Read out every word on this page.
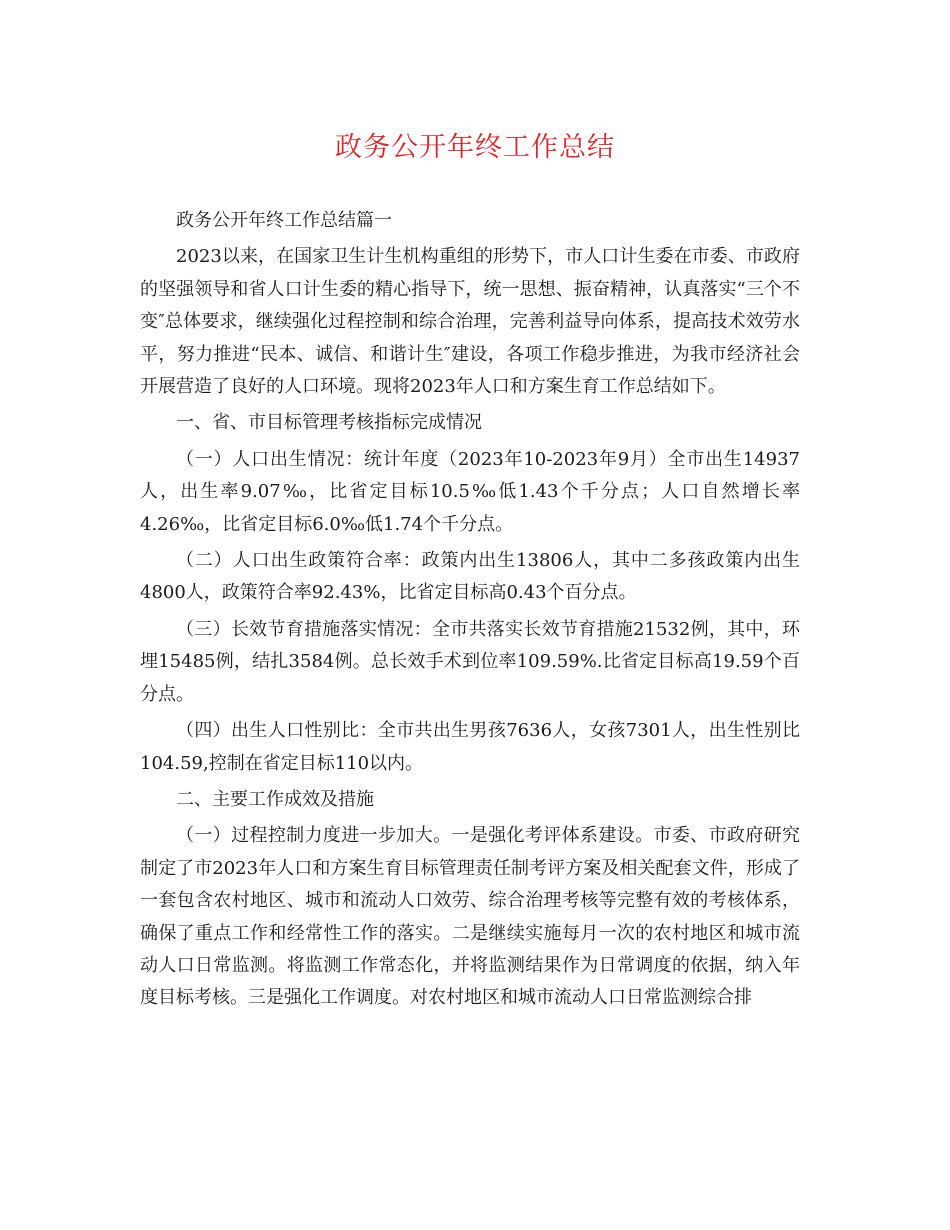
政务公开年终工作总结

政务公开年终工作总结篇一

2023以来，在国家卫生计生机构重组的形势下，市人口计生委在市委、市政府的坚强领导和省人口计生委的精心指导下，统一思想、振奋精神，认真落实“三个不变″总体要求，继续强化过程控制和综合治理，完善利益导向体系，提高技术效劳水平，努力推进“民本、诚信、和谐计生″建设，各项工作稳步推进，为我市经济社会开展营造了良好的人口环境。现将2023年人口和方案生育工作总结如下。

一、省、市目标管理考核指标完成情况

（一）人口出生情况：统计年度（2023年10-2023年9月）全市出生14937人，出生率9.07‰，比省定目标10.5‰低1.43个千分点；人口自然增长率4.26‰，比省定目标6.0‰低1.74个千分点。

（二）人口出生政策符合率：政策内出生13806人，其中二多孩政策内出生4800人，政策符合率92.43%，比省定目标高0.43个百分点。

（三）长效节育措施落实情况：全市共落实长效节育措施21532例，其中，环埋15485例，结扎3584例。总长效手术到位率109.59%.比省定目标高19.59个百分点。

（四）出生人口性别比：全市共出生男孩7636人，女孩7301人，出生性别比104.59,控制在省定目标110以内。

二、主要工作成效及措施

（一）过程控制力度进一步加大。一是强化考评体系建设。市委、市政府研究制定了市2023年人口和方案生育目标管理责任制考评方案及相关配套文件，形成了一套包含农村地区、城市和流动人口效劳、综合治理考核等完整有效的考核体系，确保了重点工作和经常性工作的落实。二是继续实施每月一次的农村地区和城市流动人口日常监测。将监测工作常态化，并将监测结果作为日常调度的依据，纳入年度目标考核。三是强化工作调度。对农村地区和城市流动人口日常监测综合排
